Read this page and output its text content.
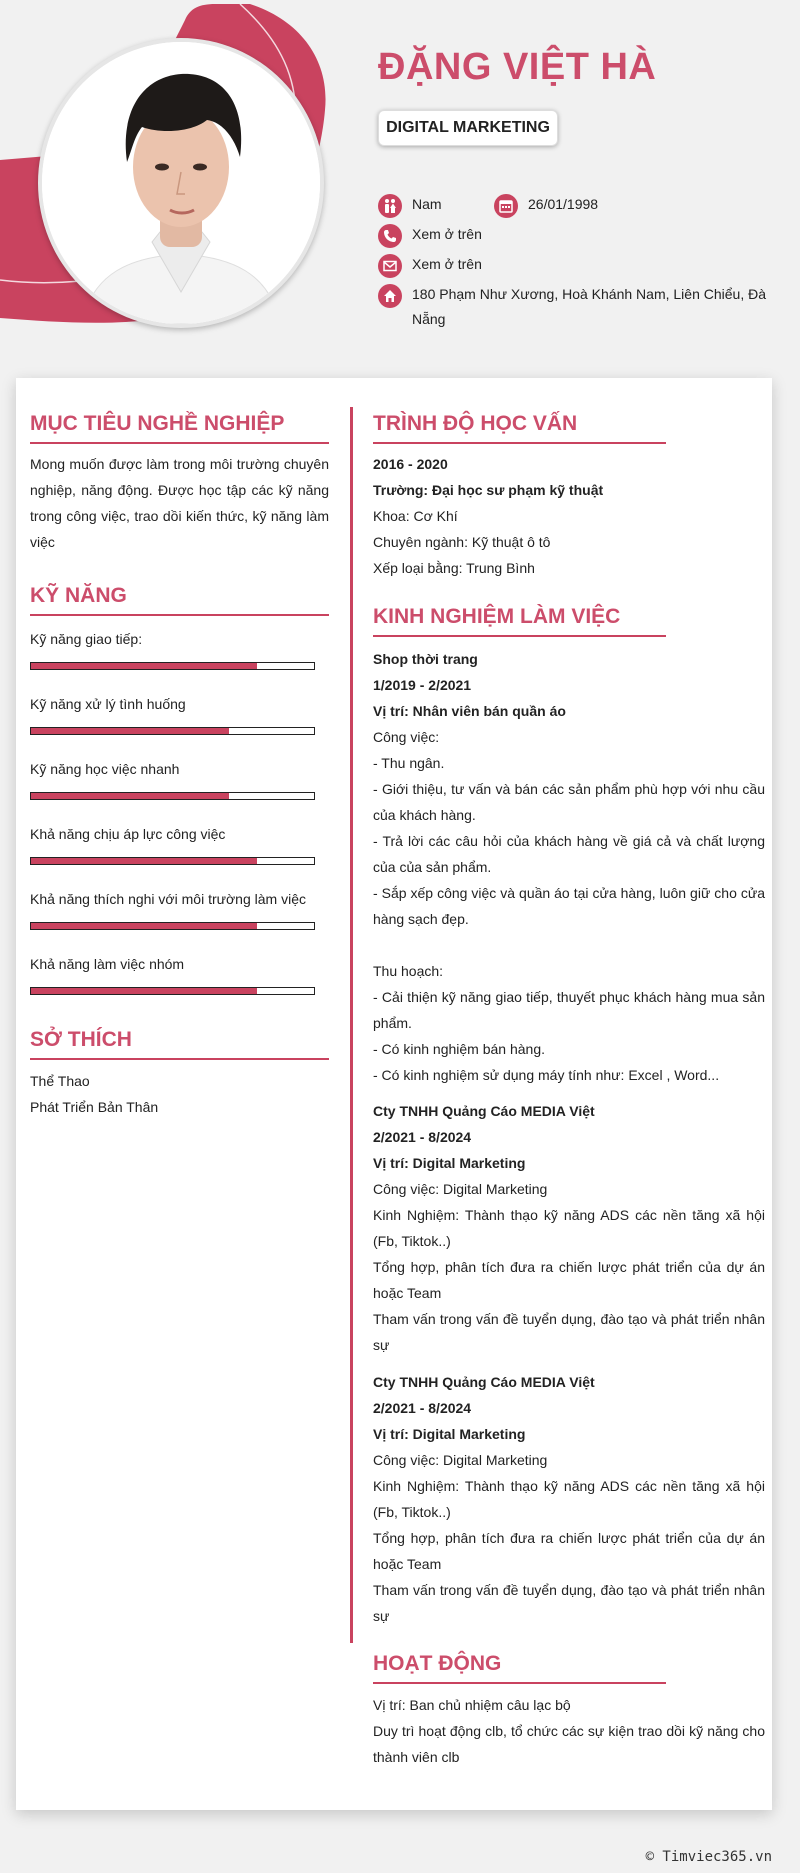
ĐẶNG VIỆT HÀ
DIGITAL MARKETING
Nam	26/01/1998
Xem ở trên
Xem ở trên
180 Phạm Như Xương, Hoà Khánh Nam, Liên Chiểu, Đà Nẵng
MỤC TIÊU NGHỀ NGHIỆP

Mong muốn được làm trong môi trường chuyên nghiệp, năng động. Được học tập các kỹ năng trong công việc, trao dồi kiến thức, kỹ năng làm việc

KỸ NĂNG
Kỹ năng giao tiếp:
Kỹ năng xử lý tình huống
Kỹ năng học việc nhanh
Khả năng chịu áp lực công việc
Khả năng thích nghi với môi trường làm việc
Khả năng làm việc nhóm
SỞ THÍCH
Thể Thao
Phát Triển Bản Thân
TRÌNH ĐỘ HỌC VẤN
2016 - 2020
Trường: Đại học sư phạm kỹ thuật
Khoa: Cơ Khí
Chuyên ngành: Kỹ thuật ô tô
Xếp loại bằng: Trung Bình
KINH NGHIỆM LÀM VIỆC
Shop thời trang
1/2019 - 2/2021
Vị trí: Nhân viên bán quần áo
Công việc:
- Thu ngân.
- Giới thiệu, tư vấn và bán các sản phẩm phù hợp với nhu cầu của khách hàng.
- Trả lời các câu hỏi của khách hàng về giá cả và chất lượng của của sản phẩm.
- Sắp xếp công việc và quần áo tại cửa hàng, luôn giữ cho cửa hàng sạch đẹp.
Thu hoạch:
- Cải thiện kỹ năng giao tiếp, thuyết phục khách hàng mua sản phẩm.
- Có kinh nghiệm bán hàng.
- Có kinh nghiệm sử dụng máy tính như: Excel , Word...
Cty TNHH Quảng Cáo MEDIA Việt
2/2021 - 8/2024
Vị trí: Digital Marketing
Công việc: Digital Marketing
Kinh Nghiệm: Thành thạo kỹ năng ADS các nền tăng xã hội (Fb, Tiktok..)
Tổng hợp, phân tích đưa ra chiến lược phát triển của dự án hoặc Team
Tham vấn trong vấn đề tuyển dụng, đào tạo và phát triển nhân sự
Cty TNHH Quảng Cáo MEDIA Việt
2/2021 - 8/2024
Vị trí: Digital Marketing
Công việc: Digital Marketing
Kinh Nghiệm: Thành thạo kỹ năng ADS các nền tăng xã hội (Fb, Tiktok..)
Tổng hợp, phân tích đưa ra chiến lược phát triển của dự án hoặc Team
Tham vấn trong vấn đề tuyển dụng, đào tạo và phát triển nhân sự
HOẠT ĐỘNG
Vị trí: Ban chủ nhiệm câu lạc bộ
Duy trì hoạt động clb, tổ chức các sự kiện trao dồi kỹ năng cho thành viên clb
© Timviec365.vn
